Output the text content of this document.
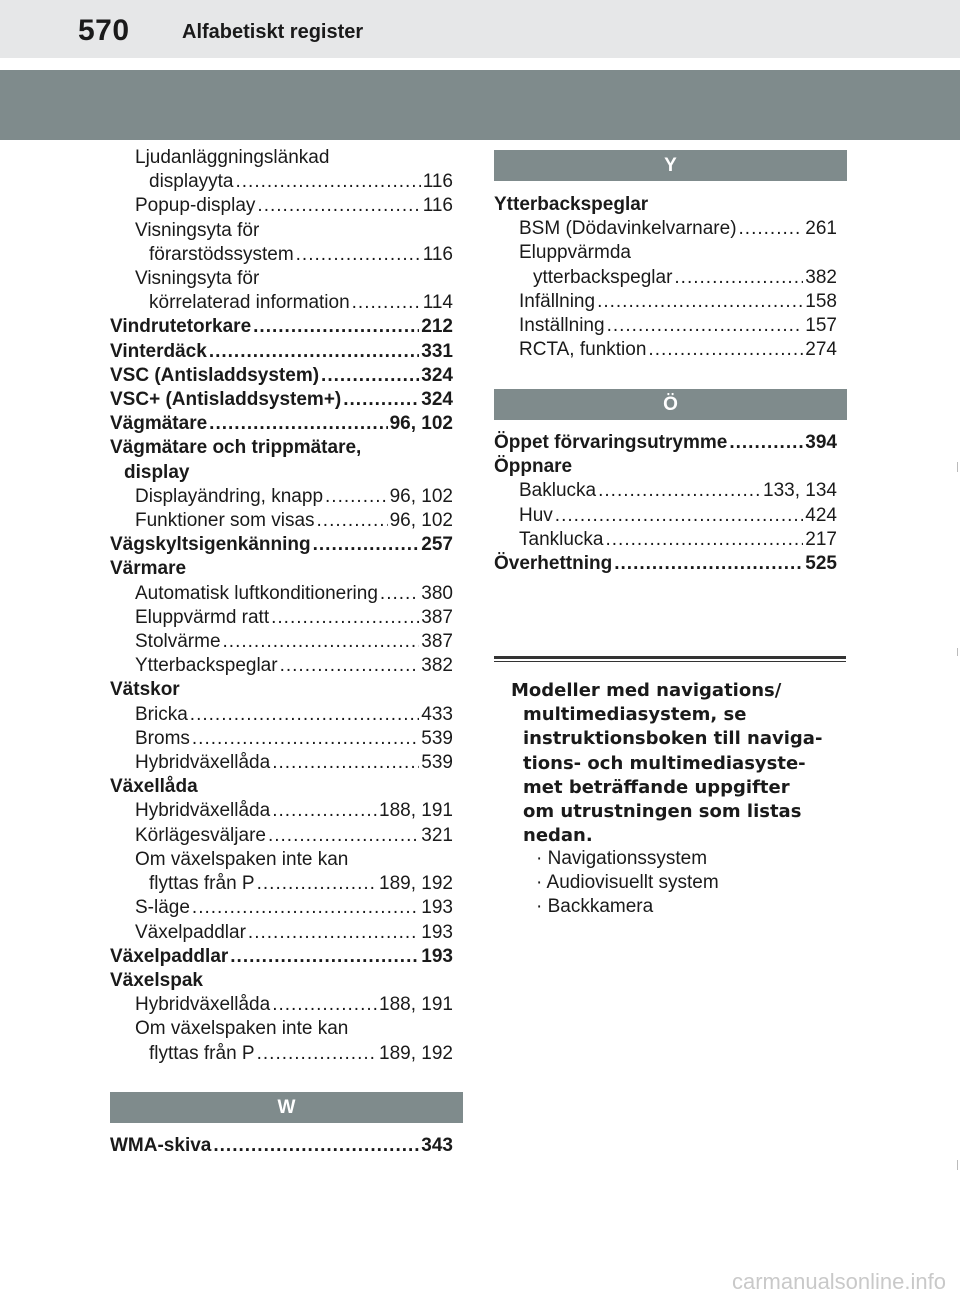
570	Alfabetiskt register
Ljudanläggningslänkad
displayyta .....	116
Popup-display .....	116
Visningsyta för
förarstödssystem .....	116
Visningsyta för
körrelaterad information .....	114
Vindrutetorkare .....	212
Vinterdäck .....	331
VSC (Antisladdsystem) .....	324
VSC+ (Antisladdsystem+) .....	324
Vägmätare .....	96, 102
Vägmätare och trippmätare,
display
Displayändring, knapp .....	96, 102
Funktioner som visas .....	96, 102
Vägskyltsigenkänning .....	257
Värmare
Automatisk luftkonditionering ..... 380
Eluppvärmd ratt .....	387
Stolvärme .....	387
Ytterbackspeglar .....	382
Vätskor
Bricka .....	433
Broms .....	539
Hybridväxellåda .....	539
Växellåda
Hybridväxellåda .....	188, 191
Körlägesväljare .....	321
Om växelspaken inte kan
flyttas från P .....	189, 192
S-läge .....	193
Växelpaddlar .....	193
Växelpaddlar .....	193
Växelspak
Hybridväxellåda .....	188, 191
Om växelspaken inte kan
flyttas från P .....	189, 192
W
WMA-skiva .....	343
Y
Ytterbackspeglar
BSM (Dödavinkelvarnare) .....	261
Eluppvärmda
ytterbackspeglar .....	382
Infällning .....	158
Inställning .....	157
RCTA, funktion .....	274
Ö
Öppet förvaringsutrymme .....	394
Öppnare
Baklucka .....	133, 134
Huv .....	424
Tanklucka .....	217
Överhettning .....	525
Modeller med navigations/
multimediasystem, se
instruktionsboken till naviga-
tions- och multimediasyste-
met beträffande uppgifter
om utrustningen som listas
nedan.
· Navigationssystem
· Audiovisuellt system
· Backkamera
carmanualsonline.info
